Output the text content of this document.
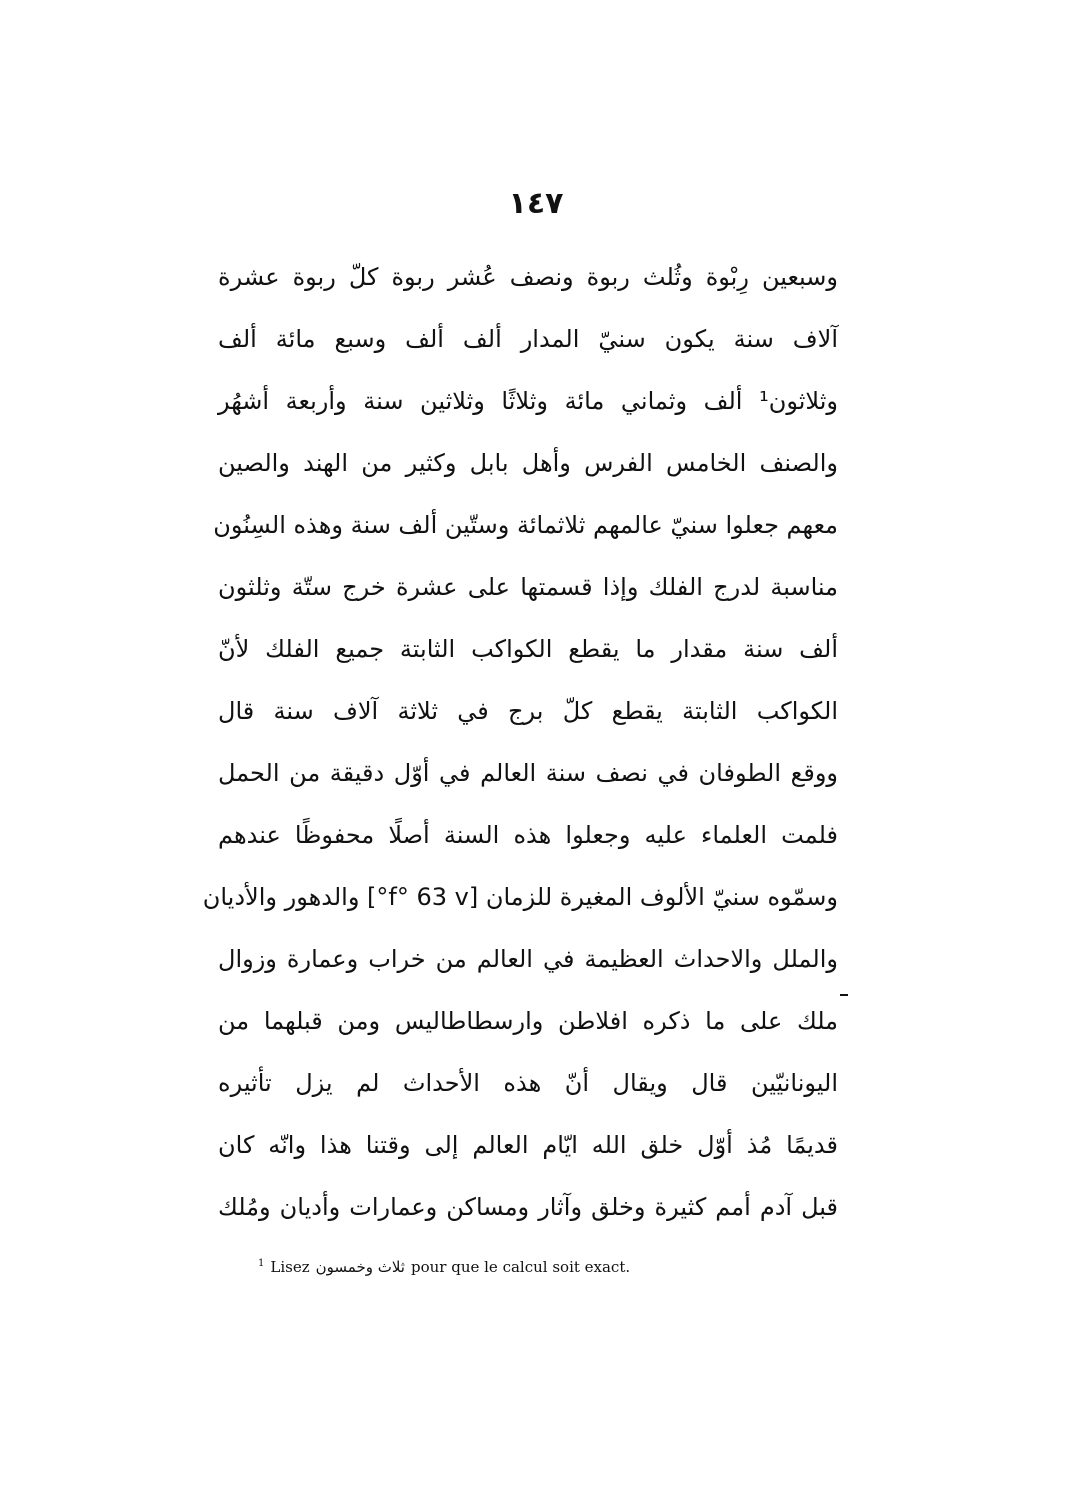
١٤٧
وسبعين رِبْوة وثُلث ربوة ونصف عُشر ربوة كلّ ربوة عشرة
آلاف سنة يكون سنيّ المدار ألف ألف وسبع مائة ألف
وثلاثون¹ ألف وثماني مائة وثلاثًا وثلاثين سنة وأربعة أشهُر
والصنف الخامس الفرس وأهل بابل وكثير من الهند والصين
معهم جعلوا سنيّ عالمهم ثلاثمائة وستّين ألف سنة وهذه السِنُون
مناسبة لدرج الفلك وإذا قسمتها على عشرة خرج ستّة وثلثون
ألف سنة مقدار ما يقطع الكواكب الثابتة جميع الفلك لأنّ
الكواكب الثابتة يقطع كلّ برج في ثلاثة آلاف سنة قال
ووقع الطوفان في نصف سنة العالم في أوّل دقيقة من الحمل
فلمت العلماء عليه وجعلوا هذه السنة أصلًا محفوظًا عندهم
وسمّوه سنيّ الألوف المغيرة للزمان [f° 63 v°] والدهور والأديان
والملل والاحداث العظيمة في العالم من خراب وعمارة وزوال
ملك على ما ذكره افلاطن وارسطاطاليس ومن قبلهما من
اليونانيّين قال ويقال أنّ هذه الأحداث لم يزل تأثيره
قديمًا مُذ أوّل خلق الله ايّام العالم إلى وقتنا هذا وانّه كان
قبل آدم أمم كثيرة وخلق وآثار ومساكن وعمارات وأديان ومُلك
$^1$ Lisez ثلاث وخمسون pour que le calcul soit exact.
